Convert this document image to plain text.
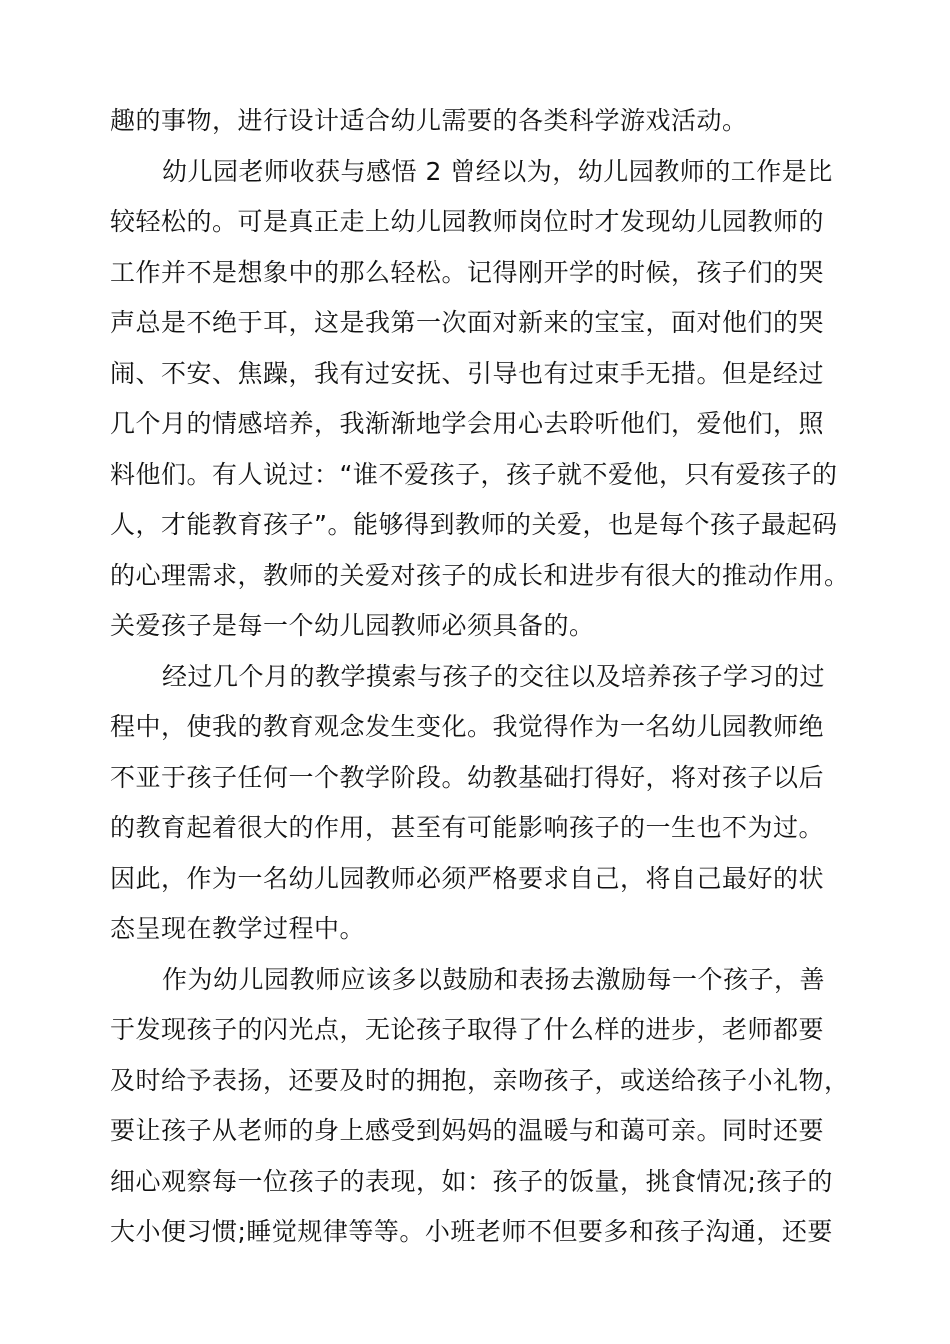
趣的事物，进行设计适合幼儿需要的各类科学游戏活动。
幼儿园老师收获与感悟 2 曾经以为，幼儿园教师的工作是比
较轻松的。可是真正走上幼儿园教师岗位时才发现幼儿园教师的
工作并不是想象中的那么轻松。记得刚开学的时候，孩子们的哭
声总是不绝于耳，这是我第一次面对新来的宝宝，面对他们的哭
闹、不安、焦躁，我有过安抚、引导也有过束手无措。但是经过
几个月的情感培养，我渐渐地学会用心去聆听他们，爱他们，照
料他们。有人说过：“谁不爱孩子，孩子就不爱他，只有爱孩子的
人，才能教育孩子”。能够得到教师的关爱，也是每个孩子最起码
的心理需求，教师的关爱对孩子的成长和进步有很大的推动作用。
关爱孩子是每一个幼儿园教师必须具备的。
经过几个月的教学摸索与孩子的交往以及培养孩子学习的过
程中，使我的教育观念发生变化。我觉得作为一名幼儿园教师绝
不亚于孩子任何一个教学阶段。幼教基础打得好，将对孩子以后
的教育起着很大的作用，甚至有可能影响孩子的一生也不为过。
因此，作为一名幼儿园教师必须严格要求自己，将自己最好的状
态呈现在教学过程中。
作为幼儿园教师应该多以鼓励和表扬去激励每一个孩子，善
于发现孩子的闪光点，无论孩子取得了什么样的进步，老师都要
及时给予表扬，还要及时的拥抱，亲吻孩子，或送给孩子小礼物，
要让孩子从老师的身上感受到妈妈的温暖与和蔼可亲。同时还要
细心观察每一位孩子的表现，如：孩子的饭量，挑食情况;孩子的
大小便习惯;睡觉规律等等。小班老师不但要多和孩子沟通，还要
